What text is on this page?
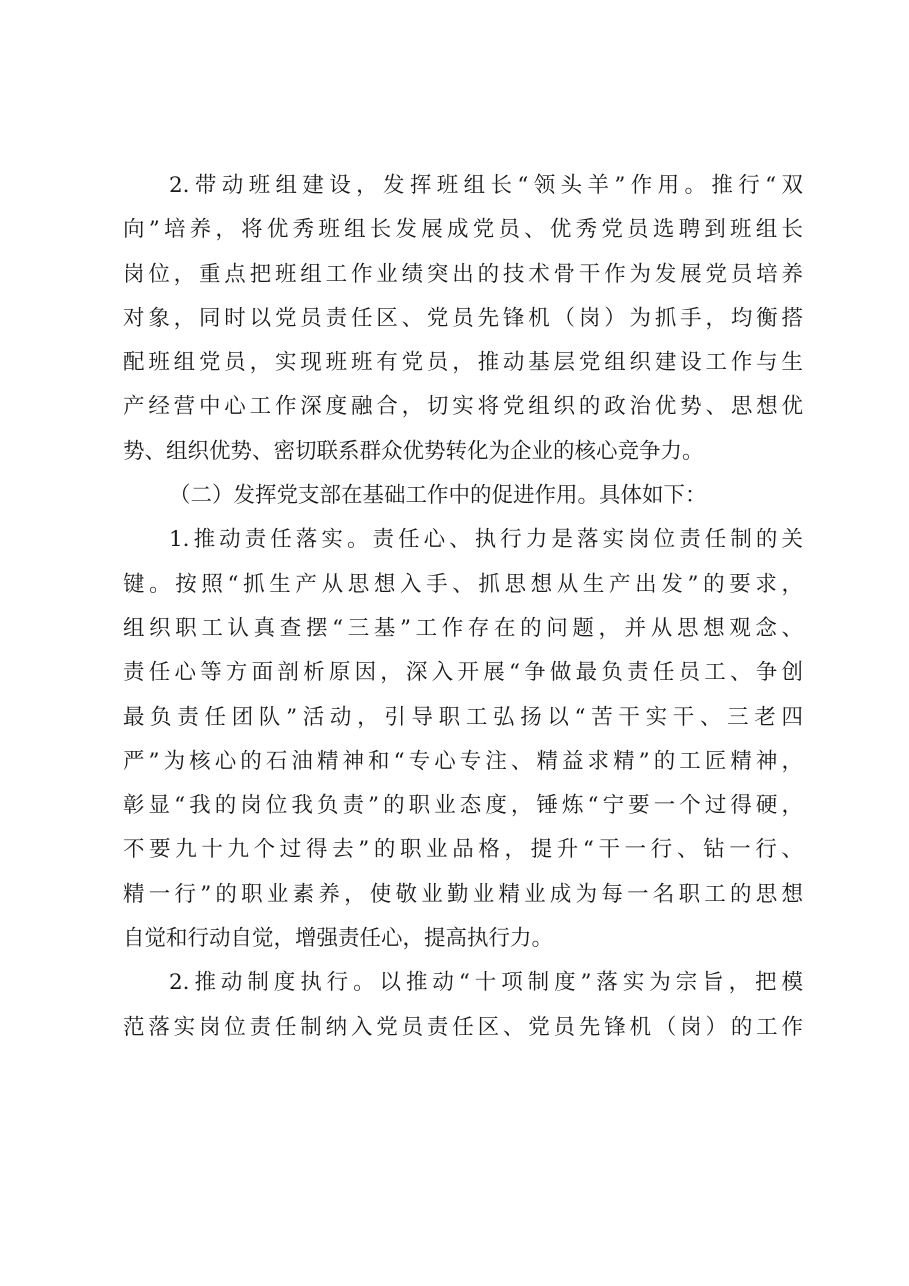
2.带动班组建设，发挥班组长“领头羊”作用。推行“双
向”培养，将优秀班组长发展成党员、优秀党员选聘到班组长
岗位，重点把班组工作业绩突出的技术骨干作为发展党员培养
对象，同时以党员责任区、党员先锋机（岗）为抓手，均衡搭
配班组党员，实现班班有党员，推动基层党组织建设工作与生
产经营中心工作深度融合，切实将党组织的政治优势、思想优
势、组织优势、密切联系群众优势转化为企业的核心竞争力。
（二）发挥党支部在基础工作中的促进作用。具体如下：
1.推动责任落实。责任心、执行力是落实岗位责任制的关
键。按照“抓生产从思想入手、抓思想从生产出发”的要求，
组织职工认真查摆“三基”工作存在的问题，并从思想观念、
责任心等方面剖析原因，深入开展“争做最负责任员工、争创
最负责任团队”活动，引导职工弘扬以“苦干实干、三老四
严”为核心的石油精神和“专心专注、精益求精”的工匠精神，
彰显“我的岗位我负责”的职业态度，锤炼“宁要一个过得硬，
不要九十九个过得去”的职业品格，提升“干一行、钻一行、
精一行”的职业素养，使敬业勤业精业成为每一名职工的思想
自觉和行动自觉，增强责任心，提高执行力。
2.推动制度执行。以推动“十项制度”落实为宗旨，把模
范落实岗位责任制纳入党员责任区、党员先锋机（岗）的工作
